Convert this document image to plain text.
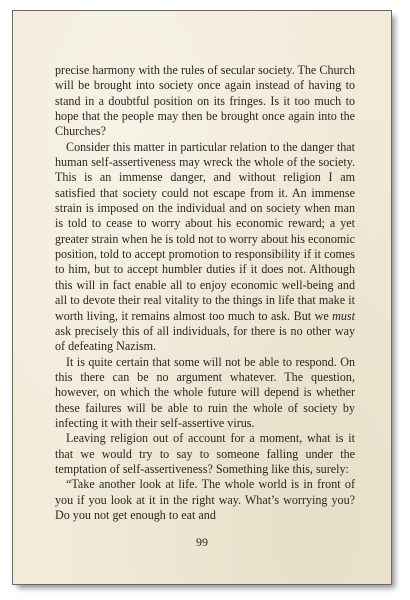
precise harmony with the rules of secular society. The Church will be brought into society once again instead of having to stand in a doubtful position on its fringes. Is it too much to hope that the people may then be brought once again into the Churches?

Consider this matter in particular relation to the danger that human self-assertiveness may wreck the whole of the society. This is an immense danger, and without religion I am satisfied that society could not escape from it. An immense strain is imposed on the individual and on society when man is told to cease to worry about his economic reward; a yet greater strain when he is told not to worry about his economic position, told to accept promotion to responsibility if it comes to him, but to accept humbler duties if it does not. Although this will in fact enable all to enjoy economic well-being and all to devote their real vitality to the things in life that make it worth living, it remains almost too much to ask. But we must ask precisely this of all individuals, for there is no other way of defeating Nazism.

It is quite certain that some will not be able to respond. On this there can be no argument whatever. The question, however, on which the whole future will depend is whether these failures will be able to ruin the whole of society by infecting it with their self-assertive virus.

Leaving religion out of account for a moment, what is it that we would try to say to someone falling under the temptation of self-assertiveness? Something like this, surely:

“Take another look at life. The whole world is in front of you if you look at it in the right way. What’s worrying you? Do you not get enough to eat and

99
